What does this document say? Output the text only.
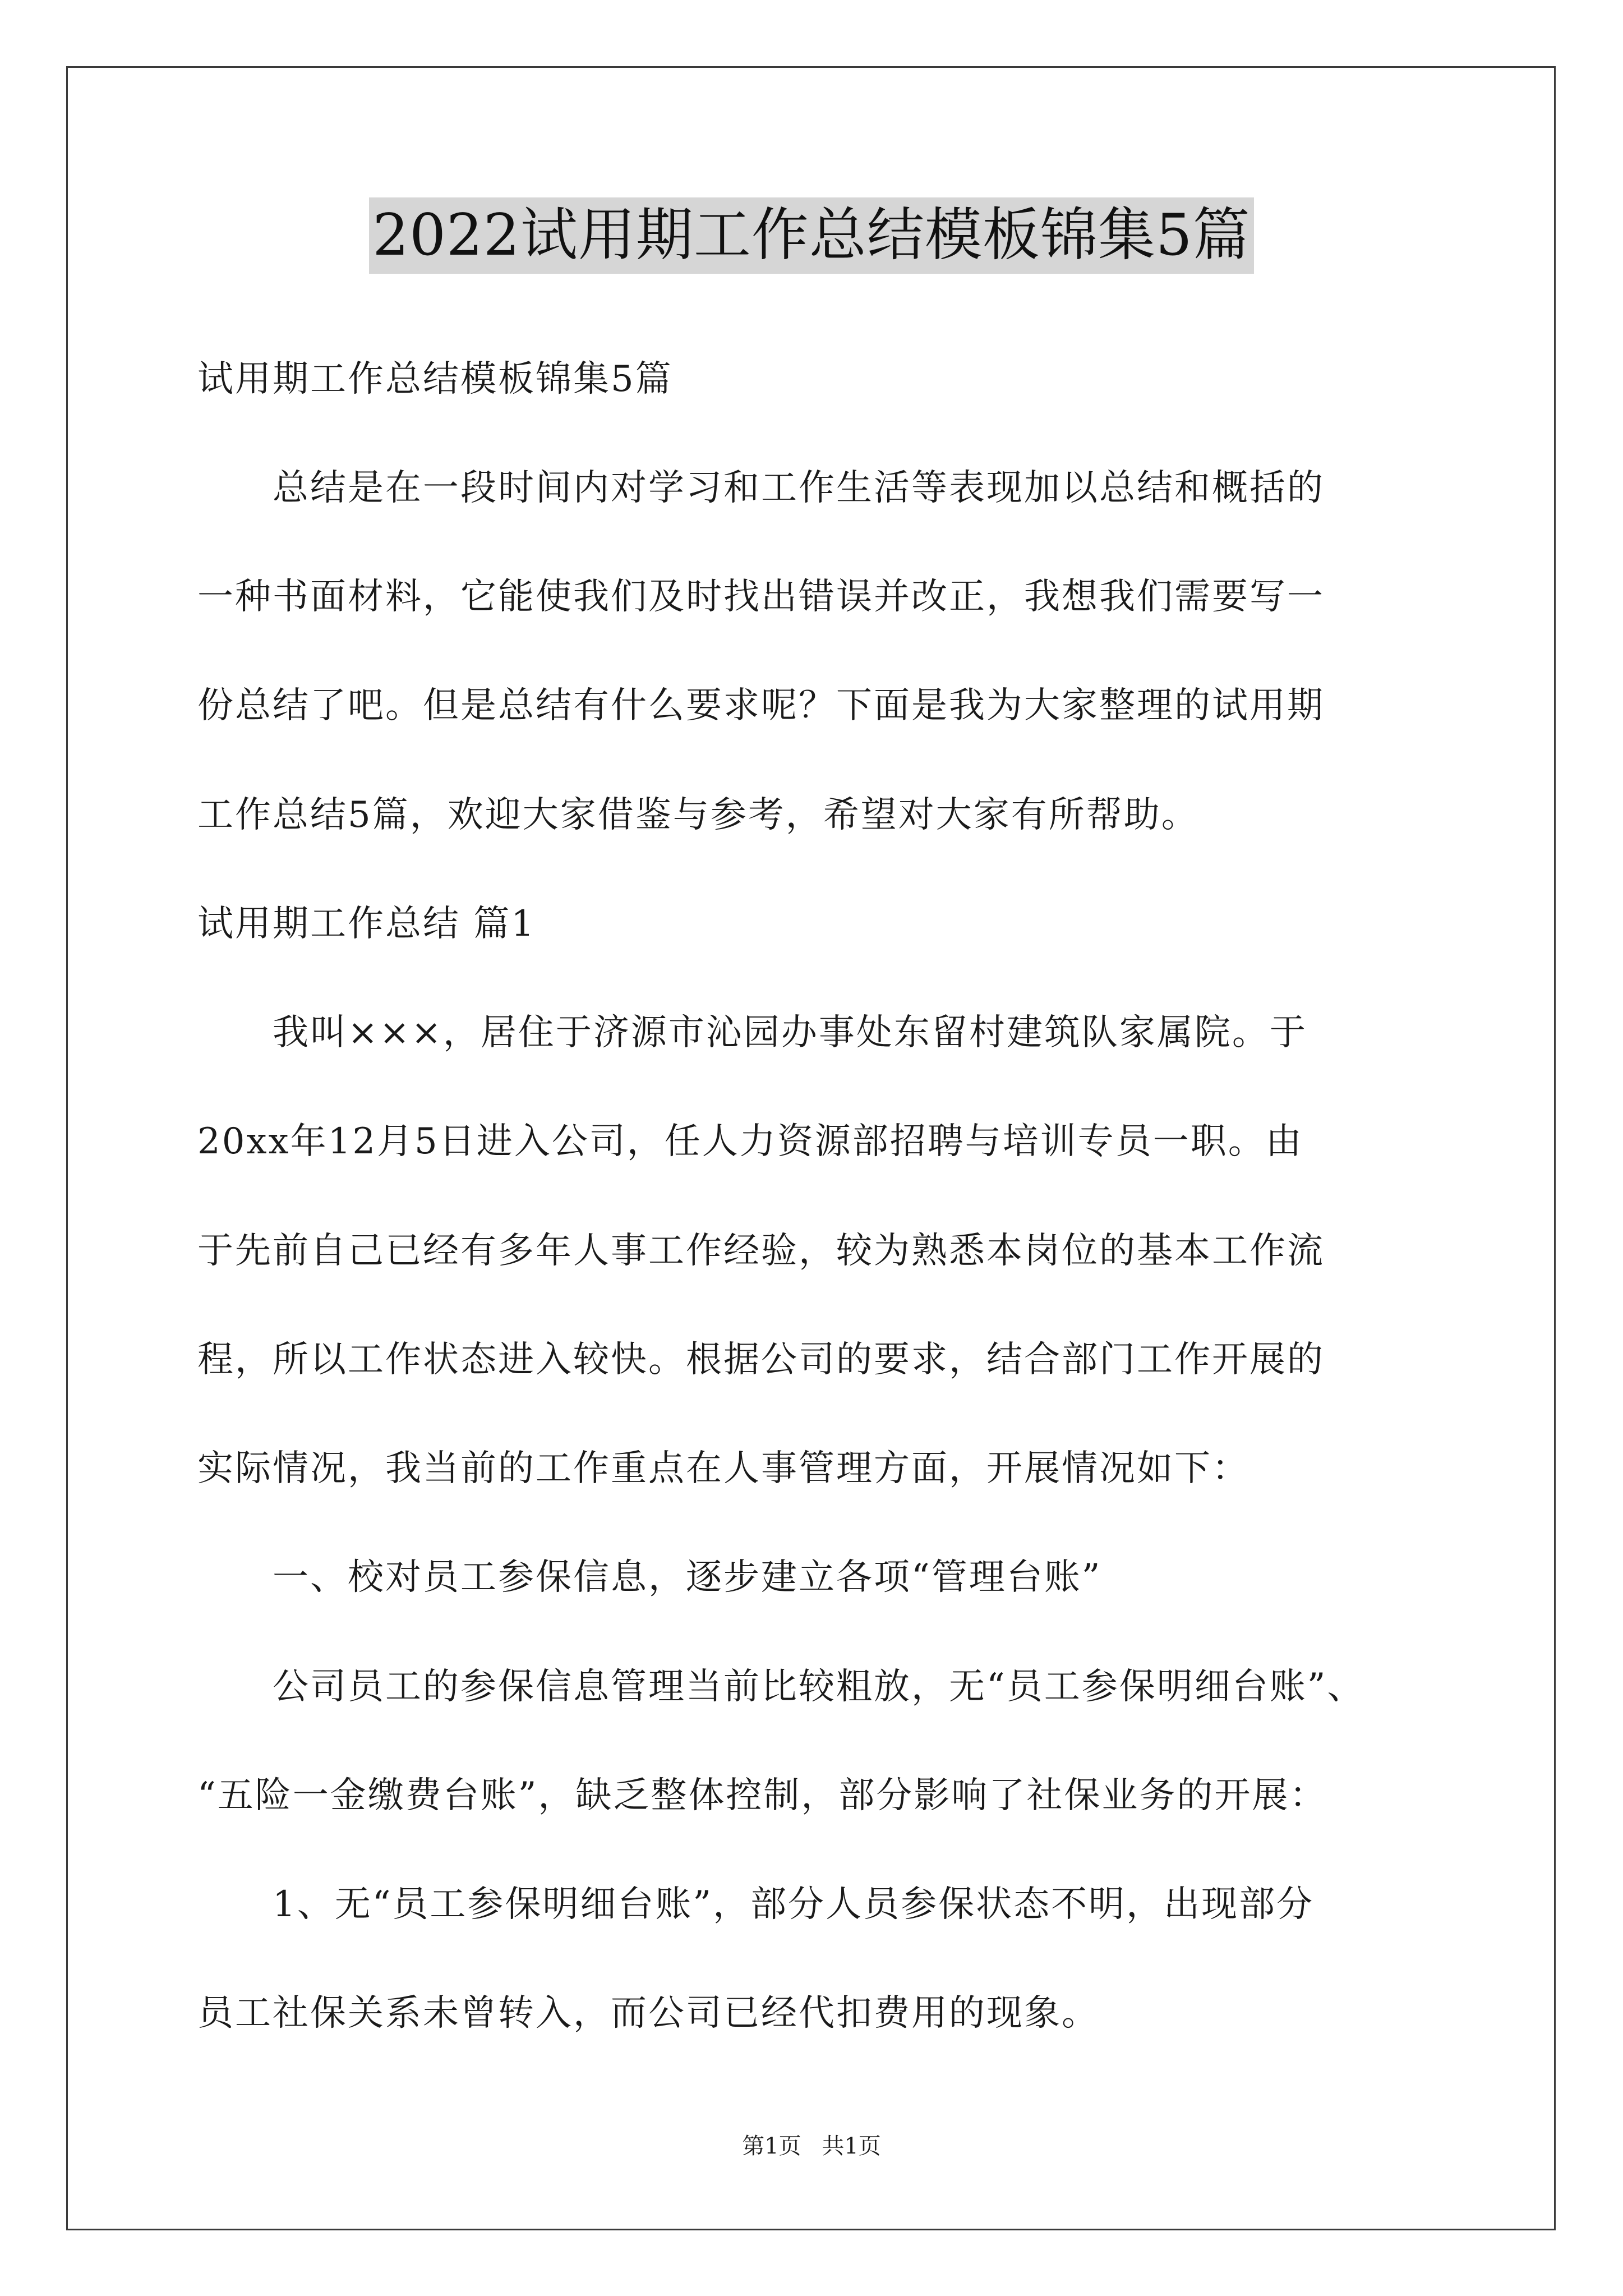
2022试用期工作总结模板锦集5篇

试用期工作总结模板锦集5篇

　　总结是在一段时间内对学习和工作生活等表现加以总结和概括的

一种书面材料，它能使我们及时找出错误并改正，我想我们需要写一

份总结了吧。但是总结有什么要求呢？下面是我为大家整理的试用期

工作总结5篇，欢迎大家借鉴与参考，希望对大家有所帮助。

试用期工作总结 篇1

　　我叫×××，居住于济源市沁园办事处东留村建筑队家属院。于

20xx年12月5日进入公司，任人力资源部招聘与培训专员一职。由

于先前自己已经有多年人事工作经验，较为熟悉本岗位的基本工作流

程，所以工作状态进入较快。根据公司的要求，结合部门工作开展的

实际情况，我当前的工作重点在人事管理方面，开展情况如下：

　　一、校对员工参保信息，逐步建立各项“管理台账”

　　公司员工的参保信息管理当前比较粗放，无“员工参保明细台账”、

“五险一金缴费台账”，缺乏整体控制，部分影响了社保业务的开展：

　　1、无“员工参保明细台账”，部分人员参保状态不明，出现部分

员工社保关系未曾转入，而公司已经代扣费用的现象。

第1页 共1页
